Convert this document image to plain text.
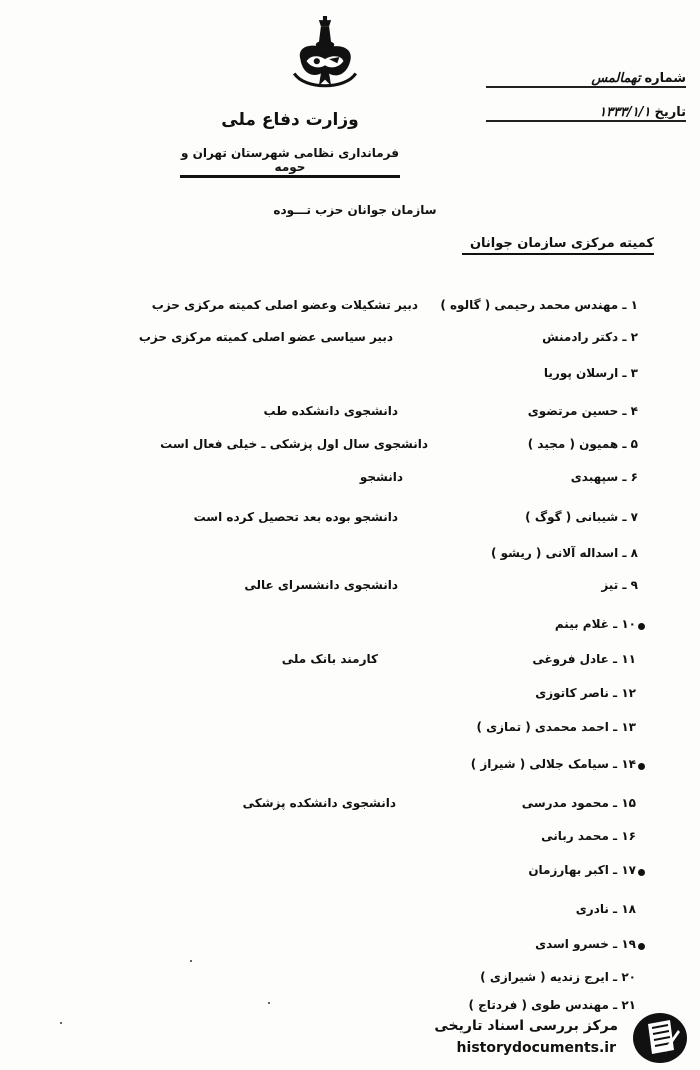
شماره
تهمالمس
تاریخ
۱۳۳۳/۱/۱
وزارت دفاع ملی
فرمانداری نظامی شهرستان تهران و حومه
سازمان جوانان حزب تـــوده
کمیته مرکزی سازمان جوانان
۱ ـ مهندس محمد رحیمی ( گالوه )
دبیر تشکیلات وعضو اصلی کمیته مرکزی حزب
۲ ـ دکتر رادمنش
دبیر سیاسی عضو اصلی کمیته مرکزی حزب
۳ ـ ارسلان پوریا
۴ ـ حسین مرتضوی
دانشجوی دانشکده طب
۵ ـ همیون ( مجید )
دانشجوی سال اول پزشکی ـ خیلی فعال است
۶ ـ سپهبدی
دانشجو
۷ ـ شیبانی ( گوگ )
دانشجو بوده بعد تحصیل کرده است
۸ ـ اسداله آلانی ( ریشو )
۹ ـ تیز
دانشجوی دانشسرای عالی
۱۰ ـ غلام بینم
۱۱ ـ عادل فروغی
کارمند بانک ملی
۱۲ ـ ناصر کاتوزی
۱۳ ـ احمد محمدی ( تمازی )
۱۴ ـ سیامک جلالی ( شیراز )
۱۵ ـ محمود مدرسی
دانشجوی دانشکده پزشکی
۱۶ ـ محمد ربانی
۱۷ ـ اکبر بهارزمان
۱۸ ـ نادری
۱۹ ـ خسرو اسدی
۲۰ ـ ایرج زندیه ( شیرازی )
۲۱ ـ مهندس طوی ( فردتاج )
مرکز بررسی اسناد تاریخی
historydocuments.ir
